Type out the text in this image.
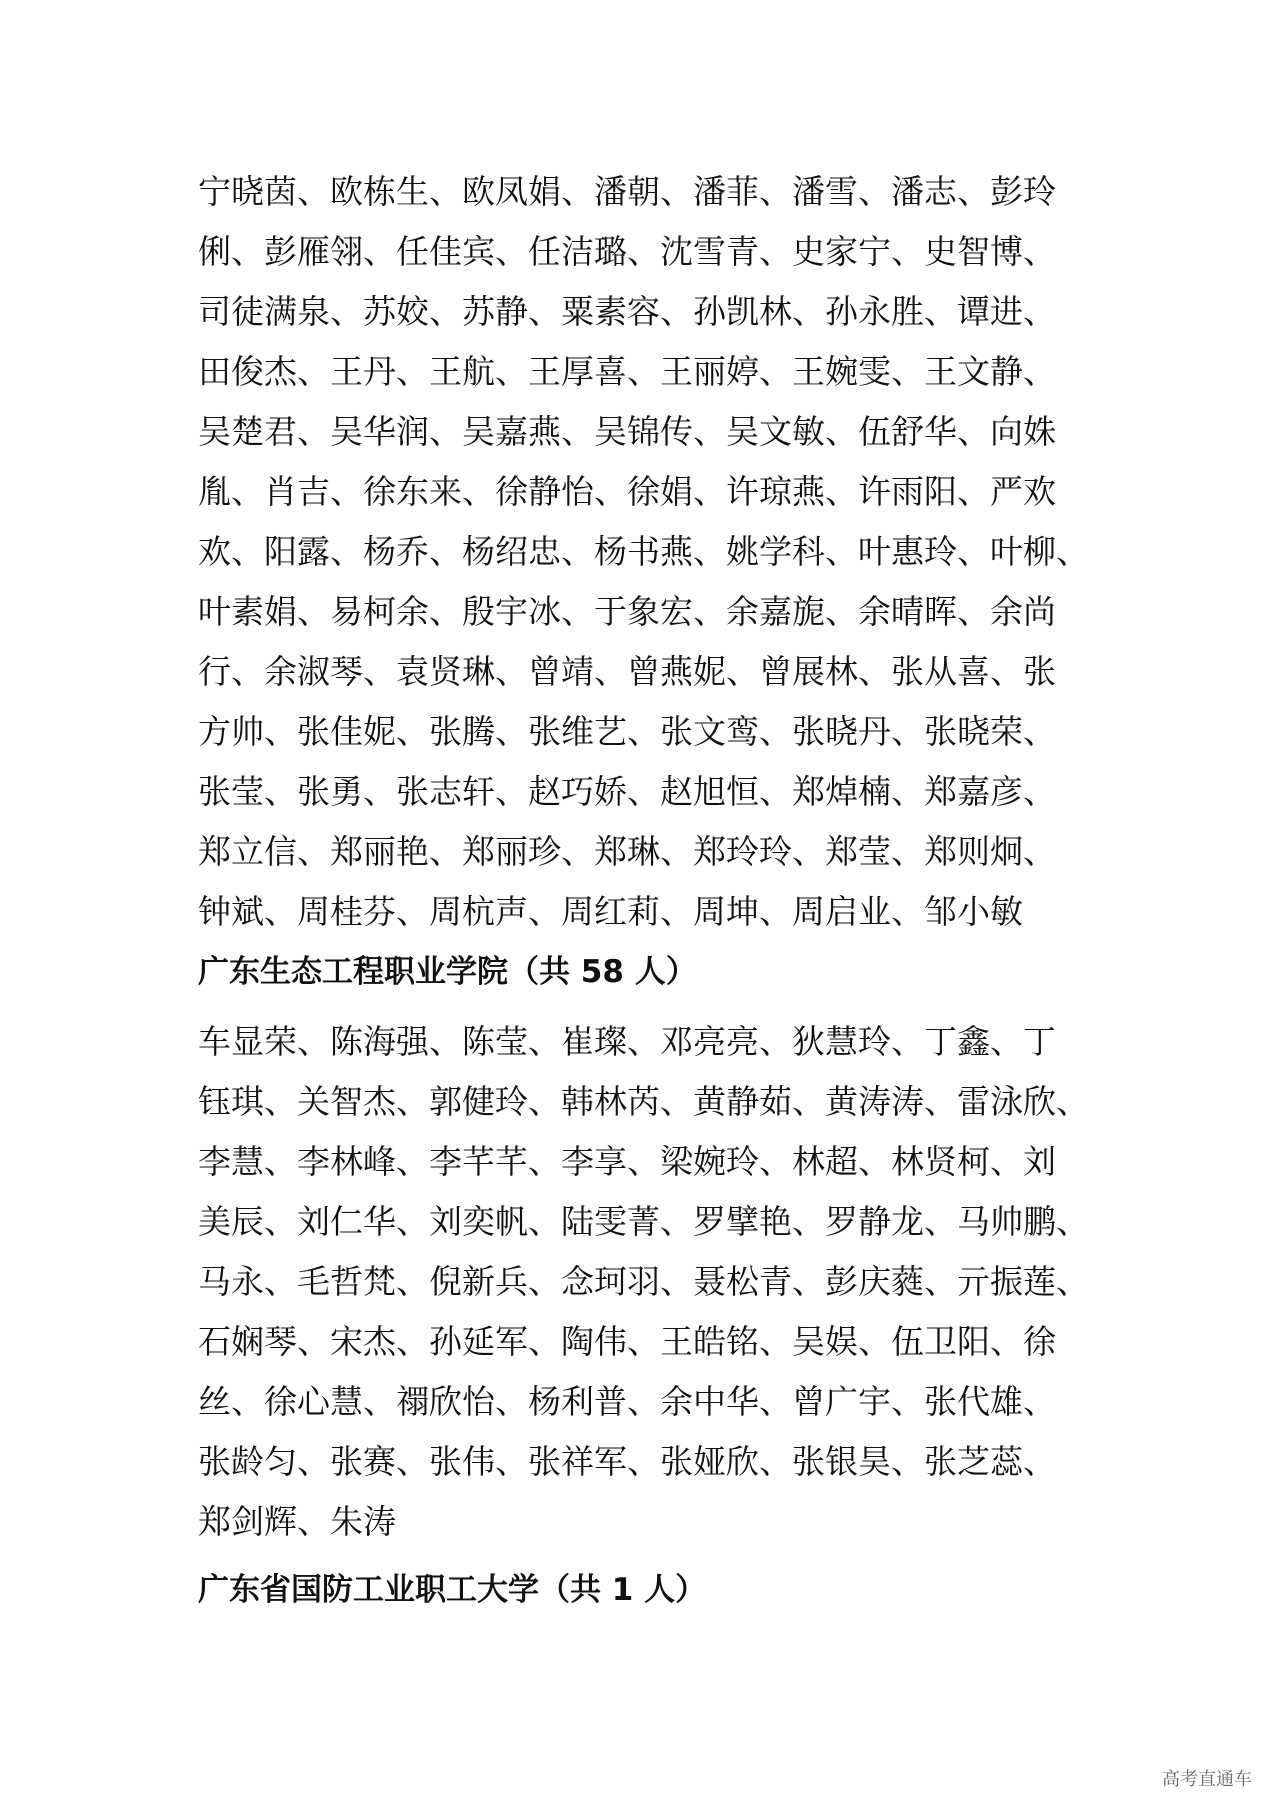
宁晓茵、欧栋生、欧凤娟、潘朝、潘菲、潘雪、潘志、彭玲
俐、彭雁翎、任佳宾、任洁璐、沈雪青、史家宁、史智博、
司徒满泉、苏姣、苏静、粟素容、孙凯林、孙永胜、谭进、
田俊杰、王丹、王航、王厚喜、王丽婷、王婉雯、王文静、
吴楚君、吴华润、吴嘉燕、吴锦传、吴文敏、伍舒华、向姝
胤、肖吉、徐东来、徐静怡、徐娟、许琼燕、许雨阳、严欢
欢、阳露、杨乔、杨绍忠、杨书燕、姚学科、叶惠玲、叶柳、
叶素娟、易柯余、殷宇冰、于象宏、余嘉旎、余晴晖、余尚
行、余淑琴、袁贤琳、曾靖、曾燕妮、曾展林、张从喜、张
方帅、张佳妮、张腾、张维艺、张文鸾、张晓丹、张晓荣、
张莹、张勇、张志轩、赵巧娇、赵旭恒、郑焯楠、郑嘉彦、
郑立信、郑丽艳、郑丽珍、郑琳、郑玲玲、郑莹、郑则炯、
钟斌、周桂芬、周杭声、周红莉、周坤、周启业、邹小敏
广东生态工程职业学院（共 58 人）
车显荣、陈海强、陈莹、崔璨、邓亮亮、狄慧玲、丁鑫、丁
钰琪、关智杰、郭健玲、韩林芮、黄静茹、黄涛涛、雷泳欣、
李慧、李林峰、李芊芊、李享、梁婉玲、林超、林贤柯、刘
美辰、刘仁华、刘奕帆、陆雯菁、罗擘艳、罗静龙、马帅鹏、
马永、毛哲梵、倪新兵、念珂羽、聂松青、彭庆蕤、亓振莲、
石娴琴、宋杰、孙延军、陶伟、王皓铭、吴娱、伍卫阳、徐
丝、徐心慧、禤欣怡、杨利普、余中华、曾广宇、张代雄、
张龄匀、张赛、张伟、张祥军、张娅欣、张银昊、张芝蕊、
郑剑辉、朱涛
广东省国防工业职工大学（共 1 人）
高考直通车
